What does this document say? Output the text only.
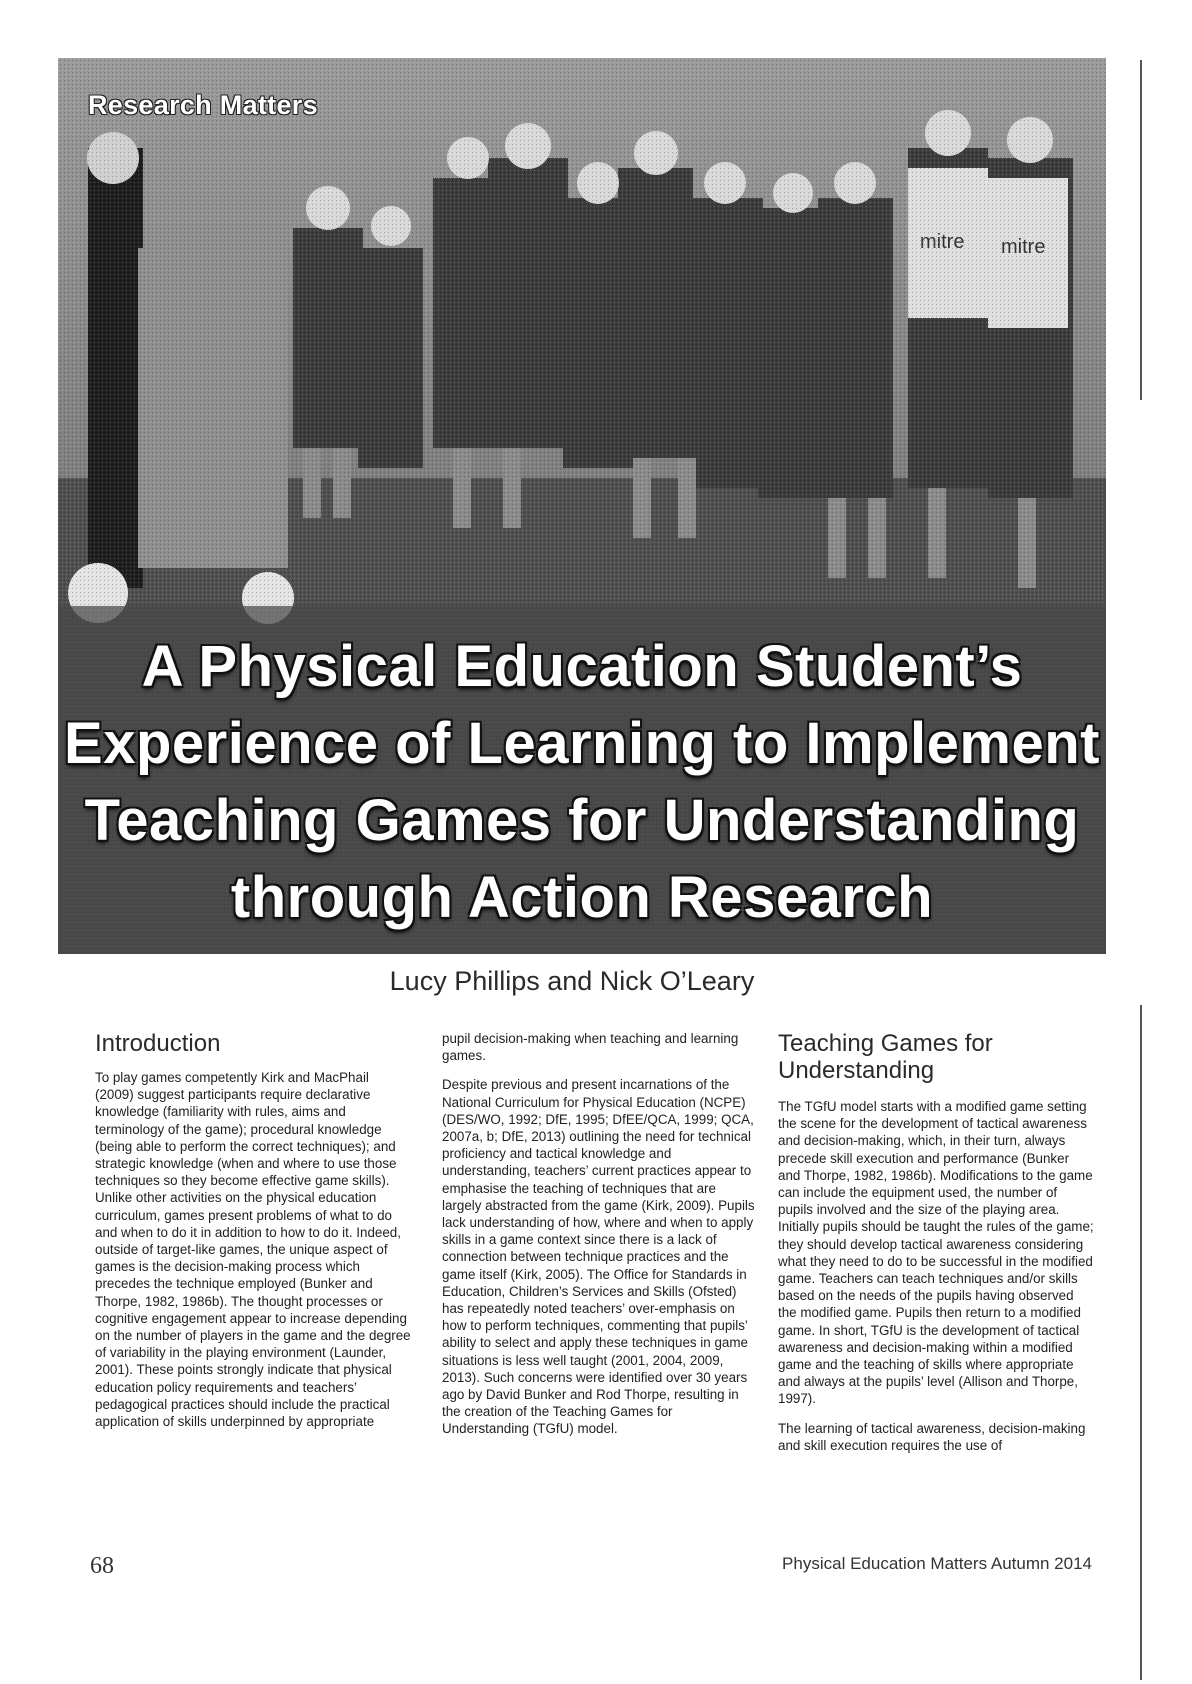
Research Matters

A Physical Education Student’s
Experience of Learning to Implement
Teaching Games for Understanding
through Action Research

Lucy Phillips and Nick O’Leary

Introduction

To play games competently Kirk and MacPhail (2009) suggest participants require declarative knowledge (familiarity with rules, aims and terminology of the game); procedural knowledge (being able to perform the correct techniques); and strategic knowledge (when and where to use those techniques so they become effective game skills). Unlike other activities on the physical education curriculum, games present problems of what to do and when to do it in addition to how to do it. Indeed, outside of target-like games, the unique aspect of games is the decision-making process which precedes the technique employed (Bunker and Thorpe, 1982, 1986b). The thought processes or cognitive engagement appear to increase depending on the number of players in the game and the degree of variability in the playing environment (Launder, 2001). These points strongly indicate that physical education policy requirements and teachers’ pedagogical practices should include the practical application of skills underpinned by appropriate

pupil decision-making when teaching and learning games.

Despite previous and present incarnations of the National Curriculum for Physical Education (NCPE) (DES/WO, 1992; DfE, 1995; DfEE/QCA, 1999; QCA, 2007a, b; DfE, 2013) outlining the need for technical proficiency and tactical knowledge and understanding, teachers’ current practices appear to emphasise the teaching of techniques that are largely abstracted from the game (Kirk, 2009). Pupils lack understanding of how, where and when to apply skills in a game context since there is a lack of connection between technique practices and the game itself (Kirk, 2005). The Office for Standards in Education, Children’s Services and Skills (Ofsted) has repeatedly noted teachers’ over-emphasis on how to perform techniques, commenting that pupils’ ability to select and apply these techniques in game situations is less well taught (2001, 2004, 2009, 2013). Such concerns were identified over 30 years ago by David Bunker and Rod Thorpe, resulting in the creation of the Teaching Games for Understanding (TGfU) model.

Teaching Games for Understanding

The TGfU model starts with a modified game setting the scene for the development of tactical awareness and decision-making, which, in their turn, always precede skill execution and performance (Bunker and Thorpe, 1982, 1986b). Modifications to the game can include the equipment used, the number of pupils involved and the size of the playing area. Initially pupils should be taught the rules of the game; they should develop tactical awareness considering what they need to do to be successful in the modified game. Teachers can teach techniques and/or skills based on the needs of the pupils having observed the modified game. Pupils then return to a modified game. In short, TGfU is the development of tactical awareness and decision-making within a modified game and the teaching of skills where appropriate and always at the pupils’ level (Allison and Thorpe, 1997).

The learning of tactical awareness, decision-making and skill execution requires the use of

68	Physical Education Matters Autumn 2014
